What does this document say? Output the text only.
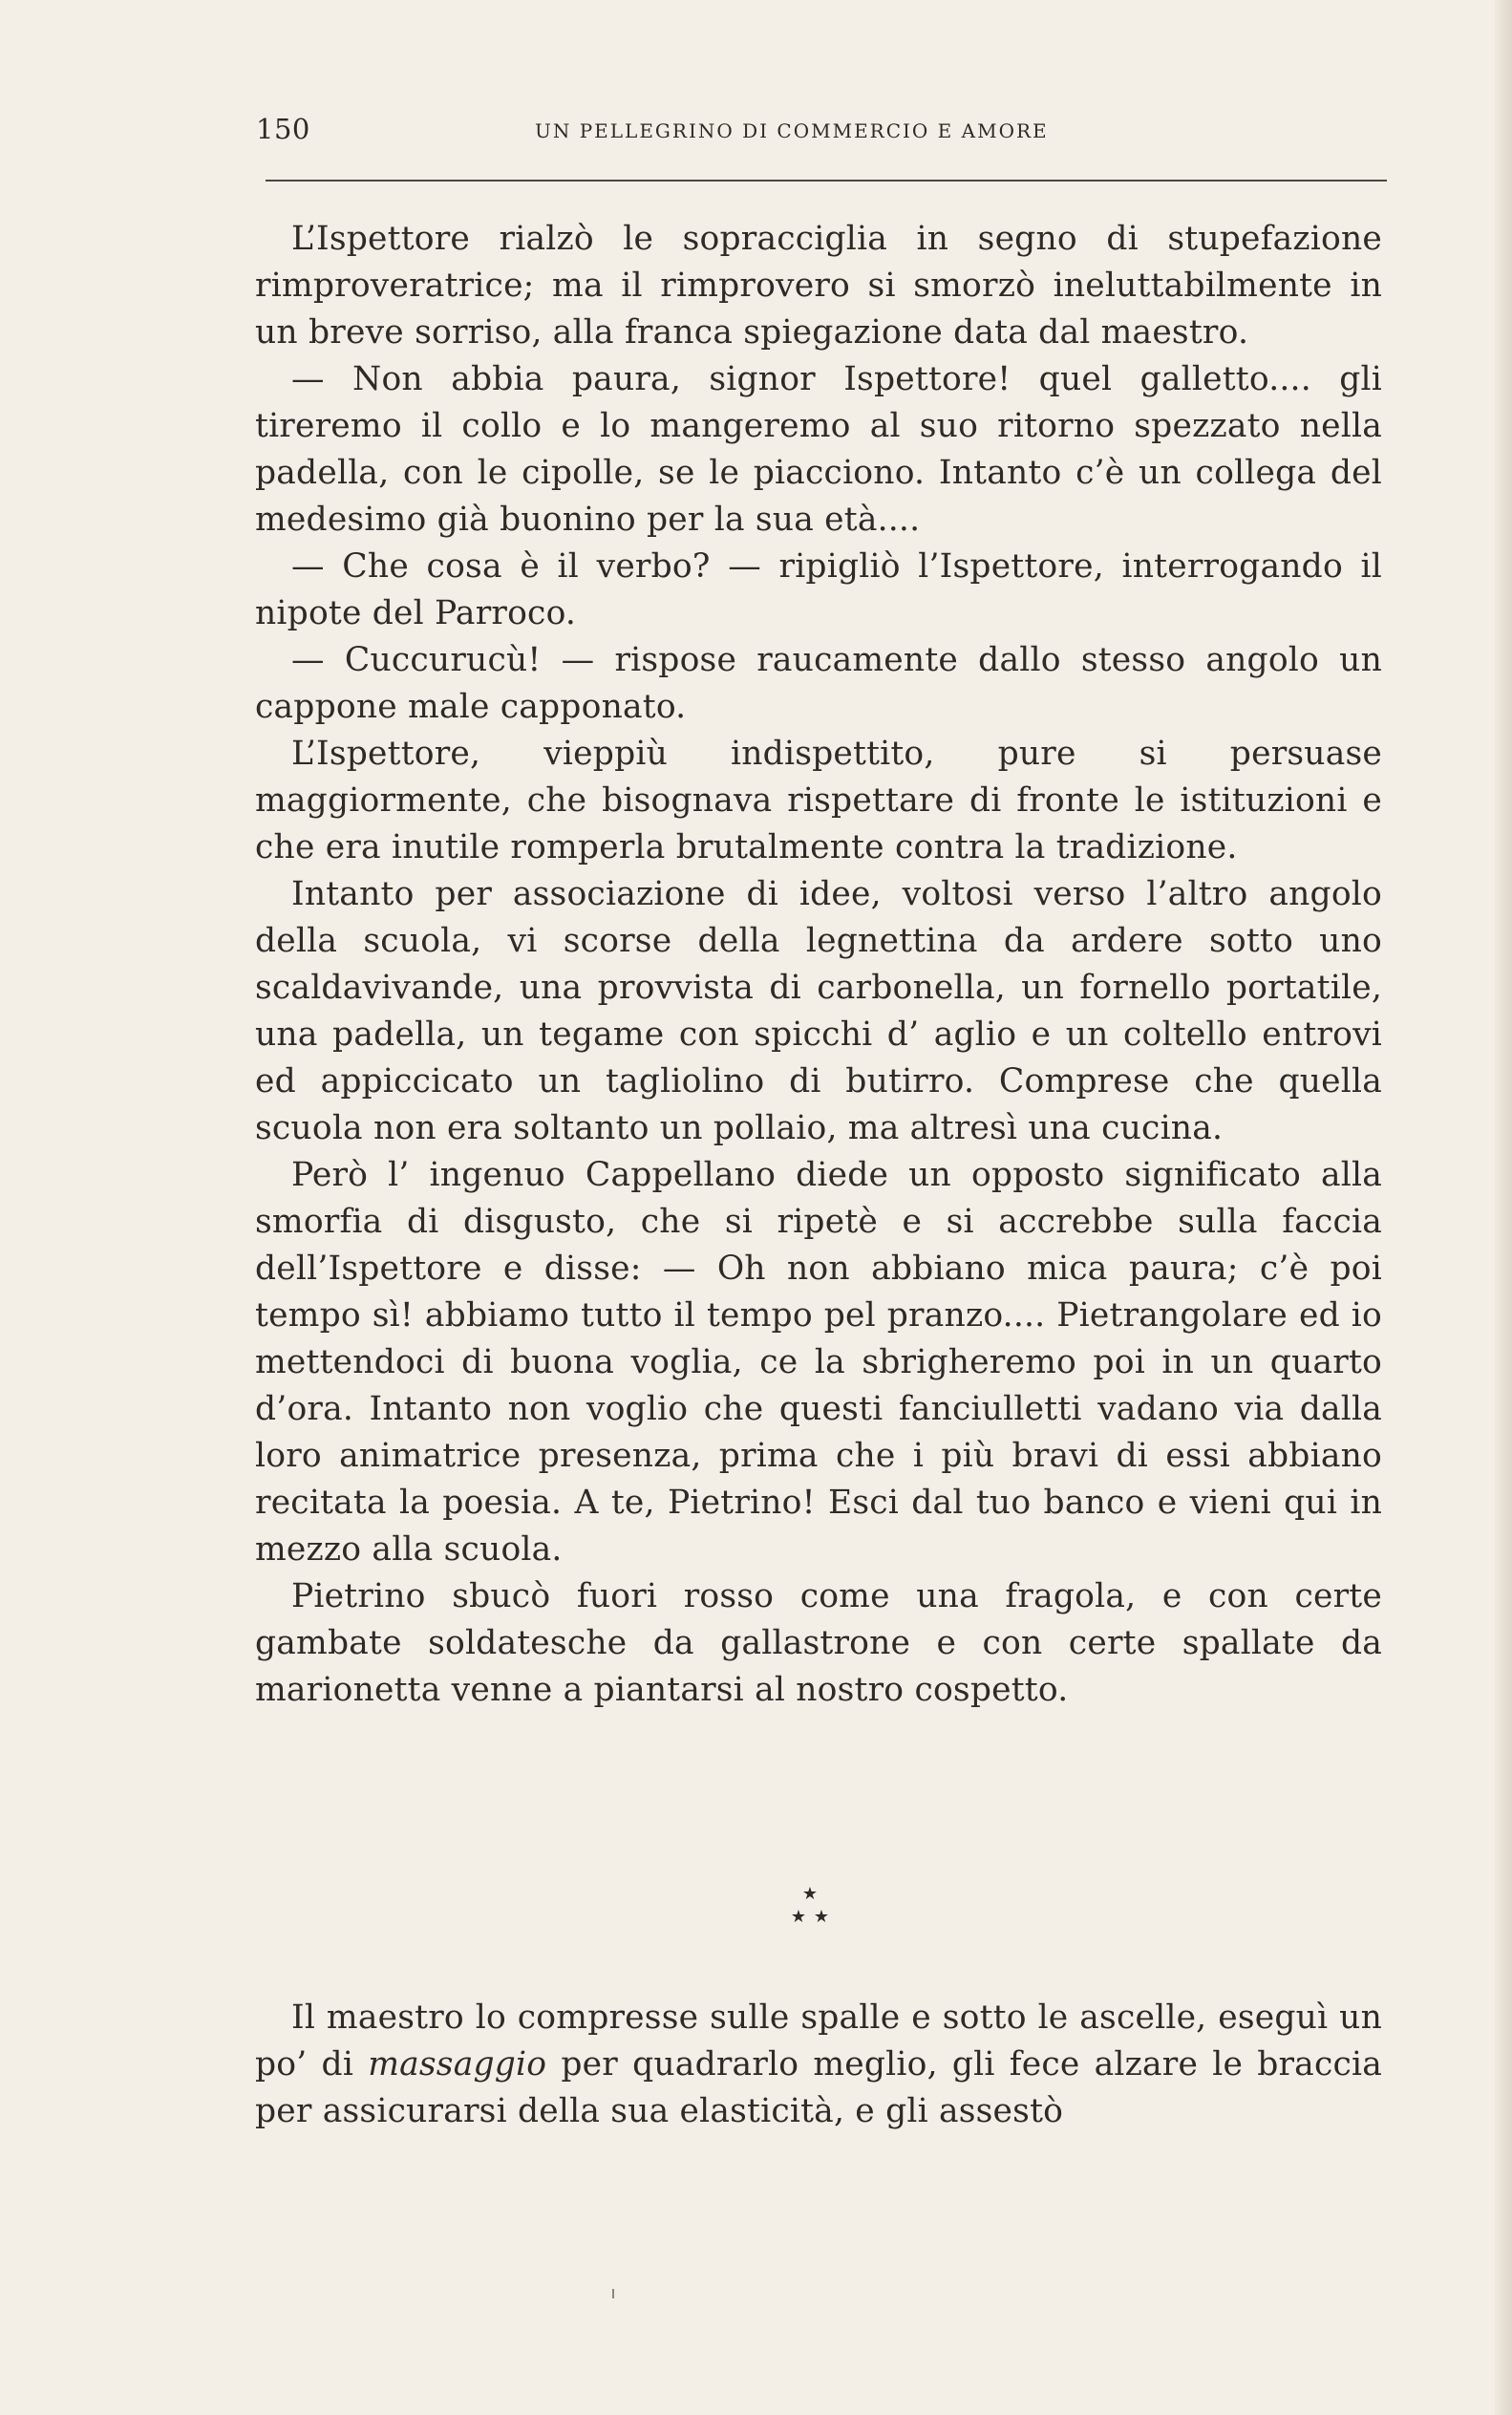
150	UN PELLEGRINO DI COMMERCIO E AMORE

L’Ispettore rialzò le sopracciglia in segno di stupefazione rimproveratrice; ma il rimprovero si smorzò ineluttabilmente in un breve sorriso, alla franca spiegazione data dal maestro.

— Non abbia paura, signor Ispettore! quel galletto.... gli tireremo il collo e lo mangeremo al suo ritorno spezzato nella padella, con le cipolle, se le piacciono. Intanto c’è un collega del medesimo già buonino per la sua età....

— Che cosa è il verbo? — ripigliò l’Ispettore, interrogando il nipote del Parroco.

— Cuccurucù! — rispose raucamente dallo stesso angolo un cappone male capponato.

L’Ispettore, vieppiù indispettito, pure si persuase maggiormente, che bisognava rispettare di fronte le istituzioni e che era inutile romperla brutalmente contra la tradizione.

Intanto per associazione di idee, voltosi verso l’altro angolo della scuola, vi scorse della legnettina da ardere sotto uno scaldavivande, una provvista di carbonella, un fornello portatile, una padella, un tegame con spicchi d’ aglio e un coltello entrovi ed appiccicato un tagliolino di butirro. Comprese che quella scuola non era soltanto un pollaio, ma altresì una cucina.

Però l’ ingenuo Cappellano diede un opposto significato alla smorfia di disgusto, che si ripetè e si accrebbe sulla faccia dell’Ispettore e disse: — Oh non abbiano mica paura; c’è poi tempo sì! abbiamo tutto il tempo pel pranzo.... Pietrangolare ed io mettendoci di buona voglia, ce la sbrigheremo poi in un quarto d’ora. Intanto non voglio che questi fanciulletti vadano via dalla loro animatrice presenza, prima che i più bravi di essi abbiano recitata la poesia. A te, Pietrino! Esci dal tuo banco e vieni qui in mezzo alla scuola.

Pietrino sbucò fuori rosso come una fragola, e con certe gambate soldatesche da gallastrone e con certe spallate da marionetta venne a piantarsi al nostro cospetto.

★
★ ★

Il maestro lo compresse sulle spalle e sotto le ascelle, eseguì un po’ di massaggio per quadrarlo meglio, gli fece alzare le braccia per assicurarsi della sua elasticità, e gli assestò
